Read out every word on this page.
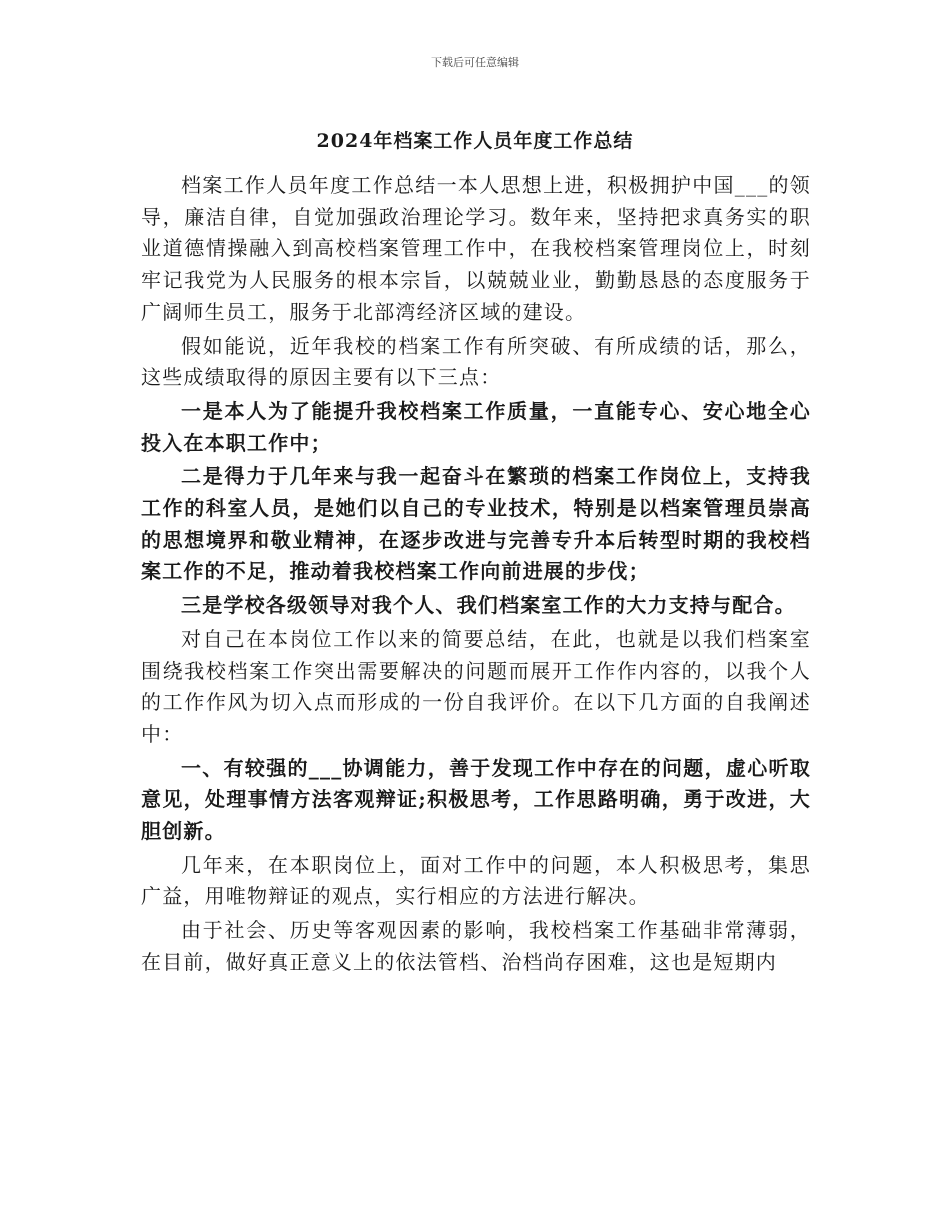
下载后可任意编辑
2024年档案工作人员年度工作总结

档案工作人员年度工作总结一本人思想上进，积极拥护中国___的领导，廉洁自律，自觉加强政治理论学习。数年来，坚持把求真务实的职业道德情操融入到高校档案管理工作中，在我校档案管理岗位上，时刻牢记我党为人民服务的根本宗旨，以兢兢业业，勤勤恳恳的态度服务于广阔师生员工，服务于北部湾经济区域的建设。

假如能说，近年我校的档案工作有所突破、有所成绩的话，那么，这些成绩取得的原因主要有以下三点：

一是本人为了能提升我校档案工作质量，一直能专心、安心地全心投入在本职工作中；

二是得力于几年来与我一起奋斗在繁琐的档案工作岗位上，支持我工作的科室人员，是她们以自己的专业技术，特别是以档案管理员崇高的思想境界和敬业精神，在逐步改进与完善专升本后转型时期的我校档案工作的不足，推动着我校档案工作向前进展的步伐；

三是学校各级领导对我个人、我们档案室工作的大力支持与配合。

对自己在本岗位工作以来的简要总结，在此，也就是以我们档案室围绕我校档案工作突出需要解决的问题而展开工作作内容的，以我个人的工作作风为切入点而形成的一份自我评价。在以下几方面的自我阐述中：

一、有较强的___协调能力，善于发现工作中存在的问题，虚心听取意见，处理事情方法客观辩证;积极思考，工作思路明确，勇于改进，大胆创新。

几年来，在本职岗位上，面对工作中的问题，本人积极思考，集思广益，用唯物辩证的观点，实行相应的方法进行解决。

由于社会、历史等客观因素的影响，我校档案工作基础非常薄弱，在目前，做好真正意义上的依法管档、治档尚存困难，这也是短期内
